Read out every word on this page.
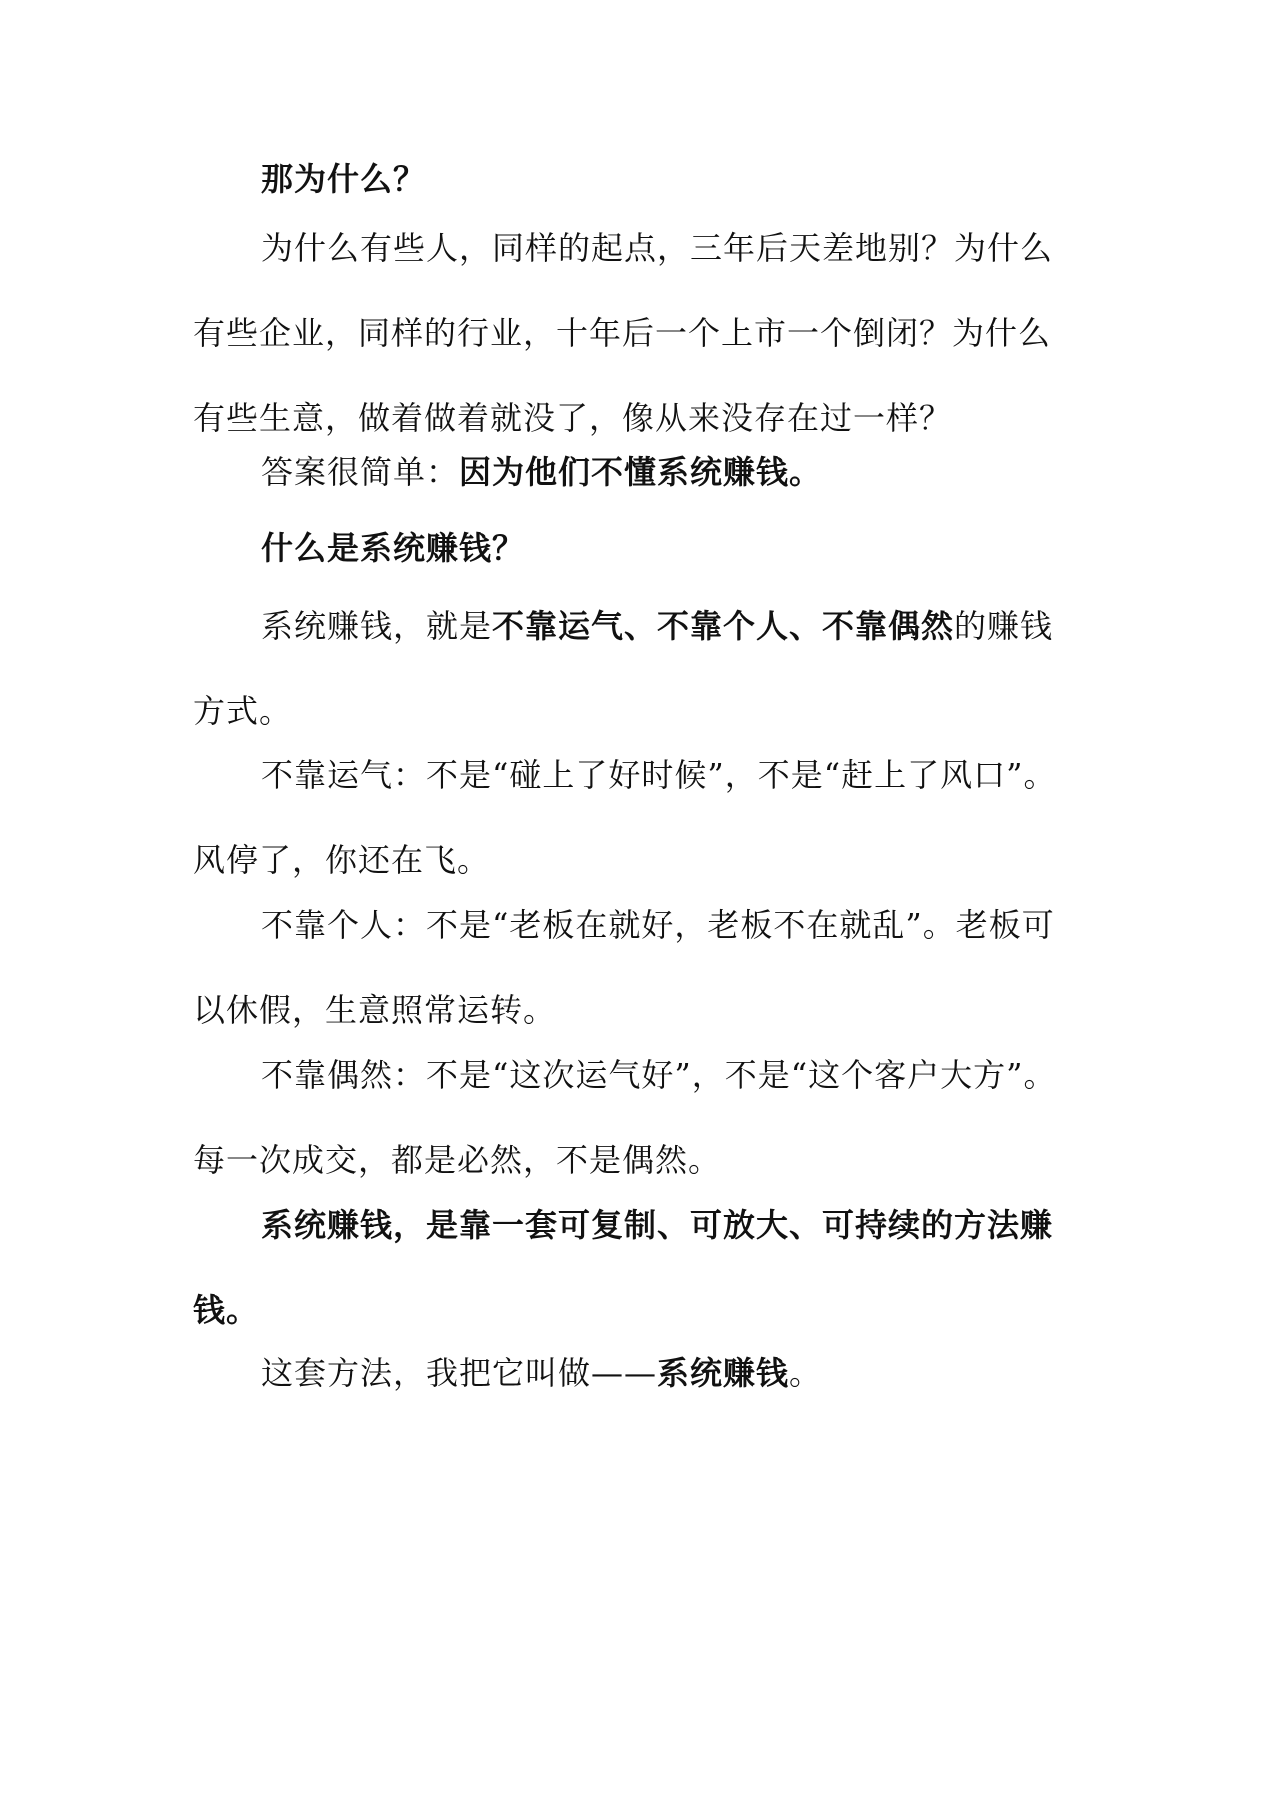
那为什么？

为什么有些人，同样的起点，三年后天差地别？为什么有些企业，同样的行业，十年后一个上市一个倒闭？为什么有些生意，做着做着就没了，像从来没存在过一样？

答案很简单：因为他们不懂系统赚钱。

什么是系统赚钱？

系统赚钱，就是不靠运气、不靠个人、不靠偶然的赚钱方式。

不靠运气：不是“碰上了好时候”，不是“赶上了风口”。风停了，你还在飞。

不靠个人：不是“老板在就好，老板不在就乱”。老板可以休假，生意照常运转。

不靠偶然：不是“这次运气好”，不是“这个客户大方”。每一次成交，都是必然，不是偶然。

系统赚钱，是靠一套可复制、可放大、可持续的方法赚钱。

这套方法，我把它叫做——系统赚钱。
